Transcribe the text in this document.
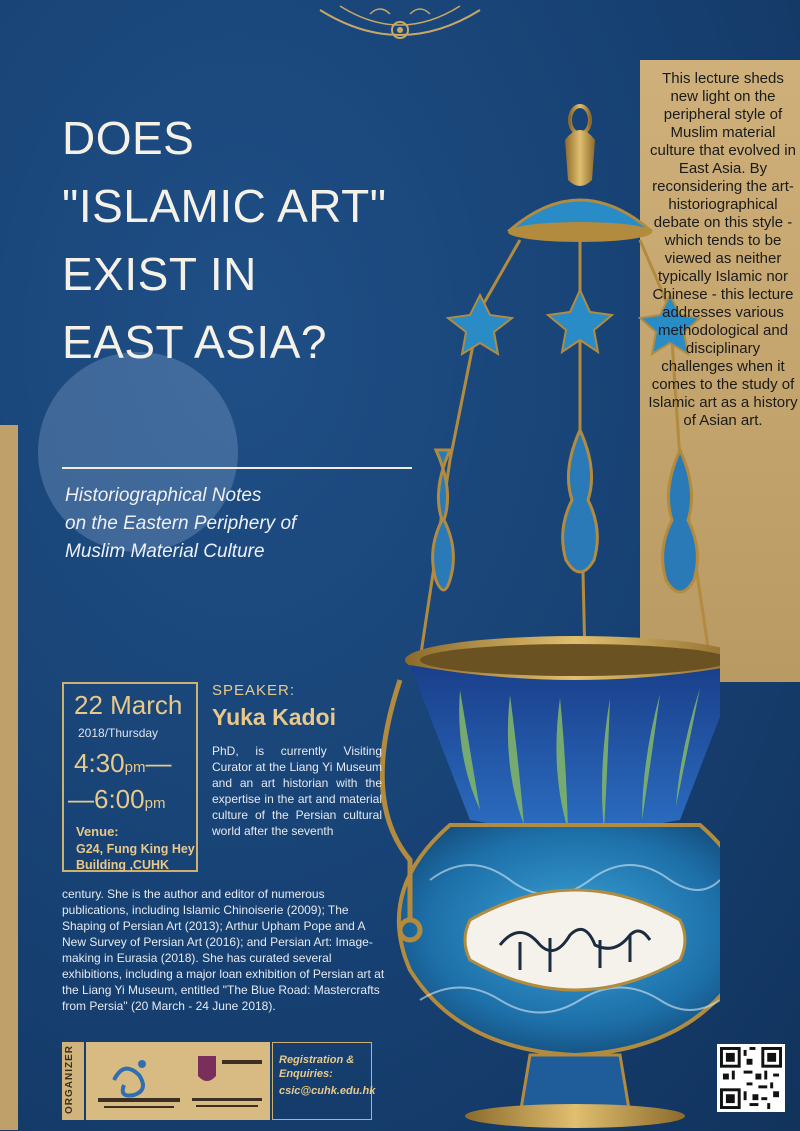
DOES
"ISLAMIC ART"
EXIST IN
EAST ASIA?

Historiographical Notes
on the Eastern Periphery of
Muslim Material Culture

This lecture sheds new light on the peripheral style of Muslim material culture that evolved in East Asia. By reconsidering the art-historiographical debate on this style - which tends to be viewed as neither typically Islamic nor Chinese - this lecture addresses various methodological and disciplinary challenges when it comes to the study of Islamic art as a history of Asian art.

22 March
2018/Thursday
4:30pm—
—6:00pm
Venue:
G24, Fung King Hey Building ,CUHK
SPEAKER:
Yuka Kadoi

PhD, is currently Visiting Curator at the Liang Yi Museum and an art historian with the expertise in the art and material culture of the Persian cultural world after the seventh

century. She is the author and editor of numerous publications, including Islamic Chinoiserie (2009); The Shaping of Persian Art (2013); Arthur Upham Pope and A New Survey of Persian Art (2016); and Persian Art: Image-making in Eurasia (2018). She has curated several exhibitions, including a major loan exhibition of Persian art at the Liang Yi Museum, entitled "The Blue Road: Mastercrafts from Persia" (20 March - 24 June 2018).

ORGANIZER	Registration & Enquiries:
csic@cuhk.edu.hk
